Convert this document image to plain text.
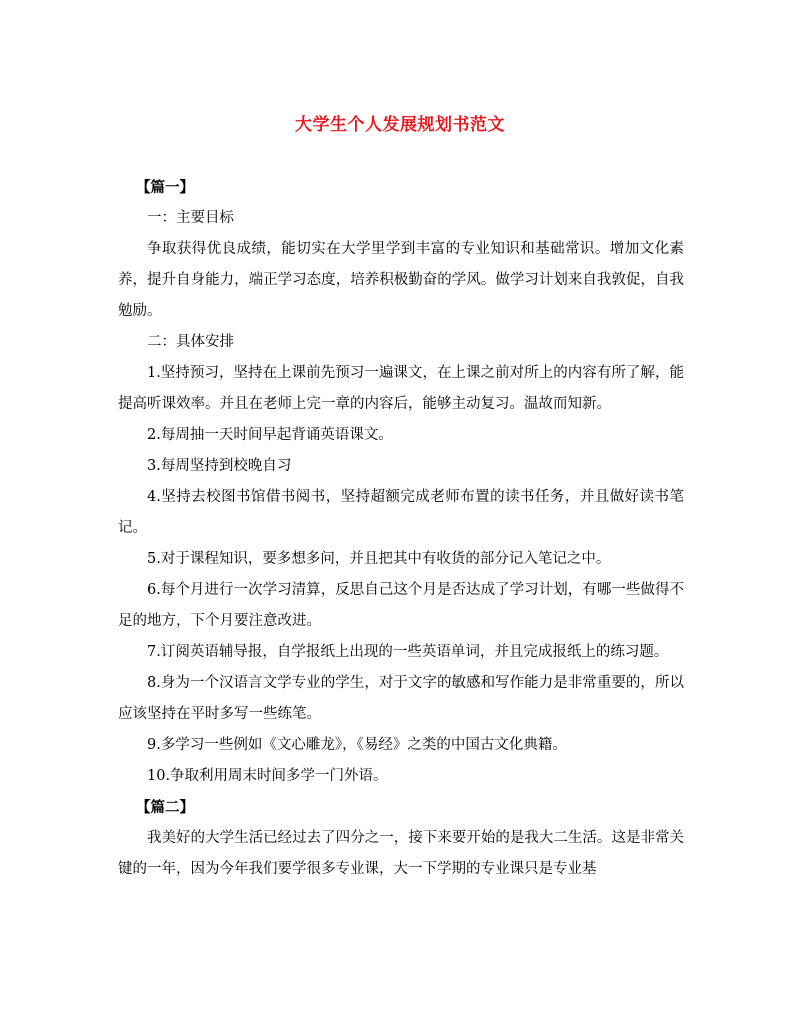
大学生个人发展规划书范文

【篇一】

一：主要目标

争取获得优良成绩，能切实在大学里学到丰富的专业知识和基础常识。增加文化素养，提升自身能力，端正学习态度，培养积极勤奋的学风。做学习计划来自我敦促，自我勉励。

二：具体安排

1.坚持预习，坚持在上课前先预习一遍课文，在上课之前对所上的内容有所了解，能提高听课效率。并且在老师上完一章的内容后，能够主动复习。温故而知新。

2.每周抽一天时间早起背诵英语课文。

3.每周坚持到校晚自习

4.坚持去校图书馆借书阅书，坚持超额完成老师布置的读书任务，并且做好读书笔记。

5.对于课程知识，要多想多问，并且把其中有收货的部分记入笔记之中。

6.每个月进行一次学习清算，反思自己这个月是否达成了学习计划，有哪一些做得不足的地方，下个月要注意改进。

7.订阅英语辅导报，自学报纸上出现的一些英语单词，并且完成报纸上的练习题。

8.身为一个汉语言文学专业的学生，对于文字的敏感和写作能力是非常重要的，所以应该坚持在平时多写一些练笔。

9.多学习一些例如《文心雕龙》，《易经》之类的中国古文化典籍。

10.争取利用周末时间多学一门外语。

【篇二】

我美好的大学生活已经过去了四分之一，接下来要开始的是我大二生活。这是非常关键的一年，因为今年我们要学很多专业课，大一下学期的专业课只是专业基
